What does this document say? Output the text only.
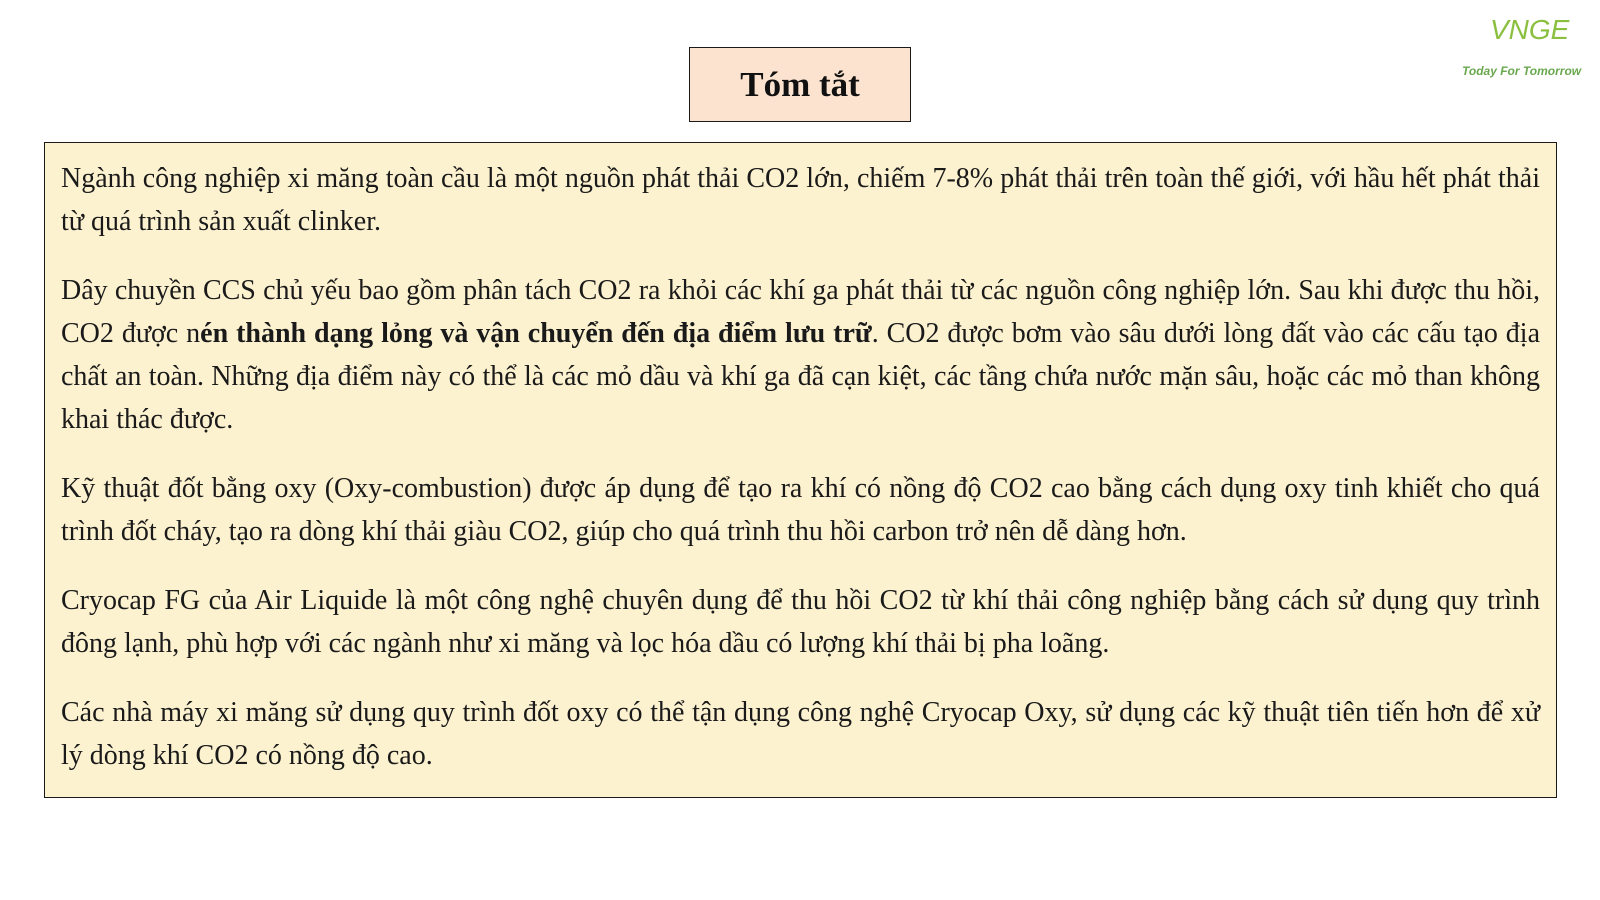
Tóm tắt
VNGE
Today For Tomorrow

Ngành công nghiệp xi măng toàn cầu là một nguồn phát thải CO2 lớn, chiếm 7-8% phát thải trên toàn thế giới, với hầu hết phát thải từ quá trình sản xuất clinker.

Dây chuyền CCS chủ yếu bao gồm phân tách CO2 ra khỏi các khí ga phát thải từ các nguồn công nghiệp lớn. Sau khi được thu hồi, CO2 được nén thành dạng lỏng và vận chuyển đến địa điểm lưu trữ. CO2 được bơm vào sâu dưới lòng đất vào các cấu tạo địa chất an toàn. Những địa điểm này có thể là các mỏ dầu và khí ga đã cạn kiệt, các tầng chứa nước mặn sâu, hoặc các mỏ than không khai thác được.

Kỹ thuật đốt bằng oxy (Oxy-combustion) được áp dụng để tạo ra khí có nồng độ CO2 cao bằng cách dụng oxy tinh khiết cho quá trình đốt cháy, tạo ra dòng khí thải giàu CO2, giúp cho quá trình thu hồi carbon trở nên dễ dàng hơn.

Cryocap FG của Air Liquide là một công nghệ chuyên dụng để thu hồi CO2 từ khí thải công nghiệp bằng cách sử dụng quy trình đông lạnh, phù hợp với các ngành như xi măng và lọc hóa dầu có lượng khí thải bị pha loãng.

Các nhà máy xi măng sử dụng quy trình đốt oxy có thể tận dụng công nghệ Cryocap Oxy, sử dụng các kỹ thuật tiên tiến hơn để xử lý dòng khí CO2 có nồng độ cao.
